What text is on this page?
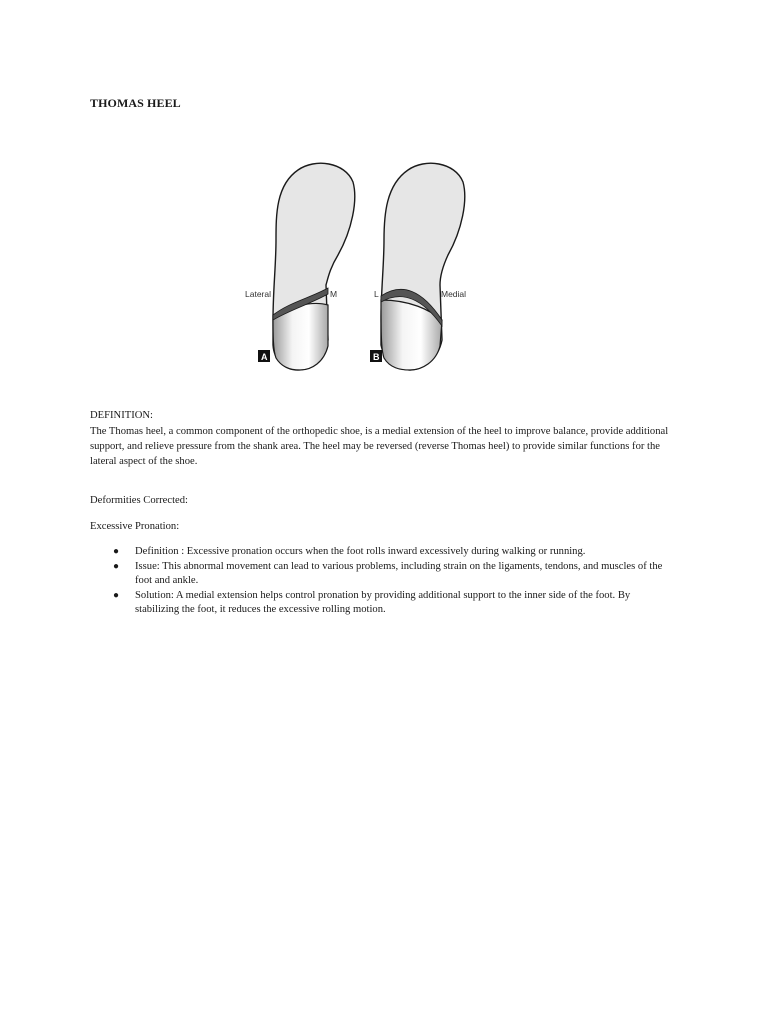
THOMAS HEEL
Lateral	M
A
L	Medial
B
DEFINITION:
The Thomas heel, a common component of the orthopedic shoe, is a medial extension of the heel to improve balance, provide additional support, and relieve pressure from the shank area. The heel may be reversed (reverse Thomas heel) to provide similar functions for the lateral aspect of the shoe.
Deformities Corrected:
Excessive Pronation:
● Definition : Excessive pronation occurs when the foot rolls inward excessively during walking or running.
● Issue: This abnormal movement can lead to various problems, including strain on the ligaments, tendons, and muscles of the foot and ankle.
● Solution: A medial extension helps control pronation by providing additional support to the inner side of the foot. By stabilizing the foot, it reduces the excessive rolling motion.
